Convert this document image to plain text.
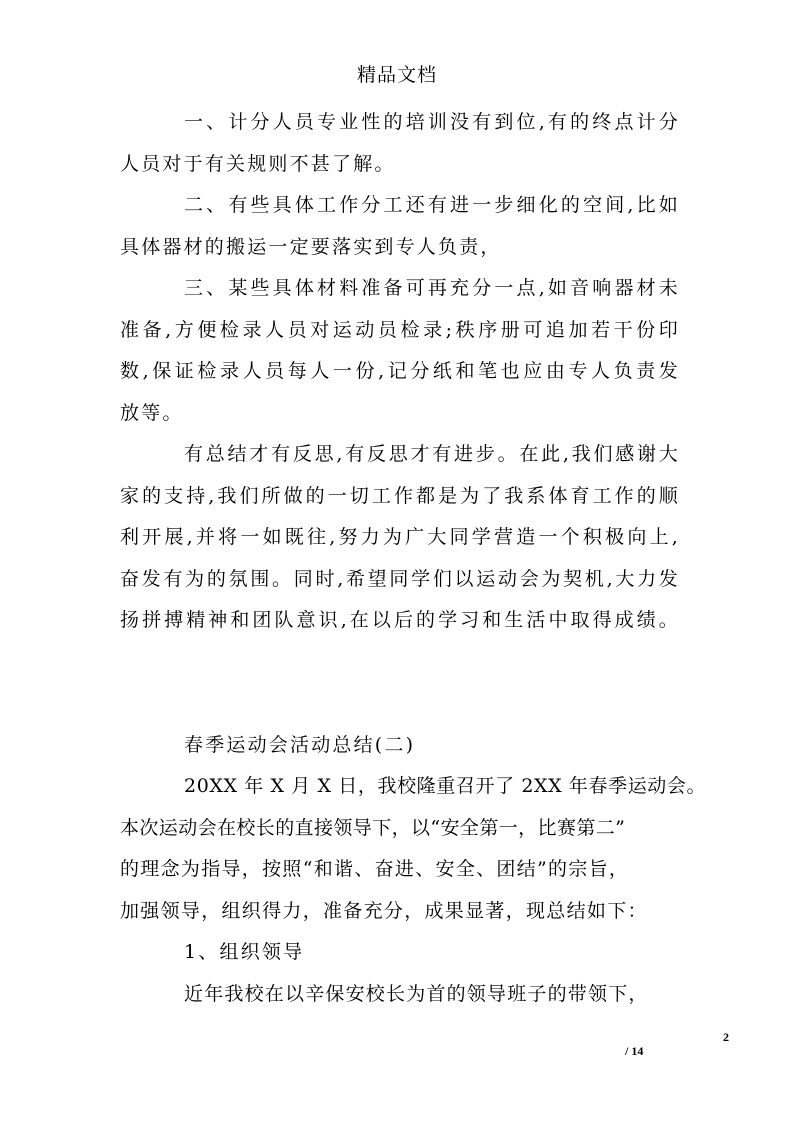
精品文档
一、计分人员专业性的培训没有到位,有的终点计分
人员对于有关规则不甚了解。
二、有些具体工作分工还有进一步细化的空间,比如
具体器材的搬运一定要落实到专人负责，
三、某些具体材料准备可再充分一点,如音响器材未
准备,方便检录人员对运动员检录;秩序册可追加若干份印
数,保证检录人员每人一份,记分纸和笔也应由专人负责发
放等。
有总结才有反思,有反思才有进步。在此,我们感谢大
家的支持,我们所做的一切工作都是为了我系体育工作的顺
利开展,并将一如既往,努力为广大同学营造一个积极向上,
奋发有为的氛围。同时,希望同学们以运动会为契机,大力发
扬拼搏精神和团队意识,在以后的学习和生活中取得成绩。
春季运动会活动总结(二)
20XX 年 X 月 X 日，我校隆重召开了 2XX 年春季运动会。
本次运动会在校长的直接领导下，以“安全第一，比赛第二”
的理念为指导，按照“和谐、奋进、安全、团结”的宗旨，
加强领导，组织得力，准备充分，成果显著，现总结如下：
1、组织领导
近年我校在以辛保安校长为首的领导班子的带领下，
2
/ 14
